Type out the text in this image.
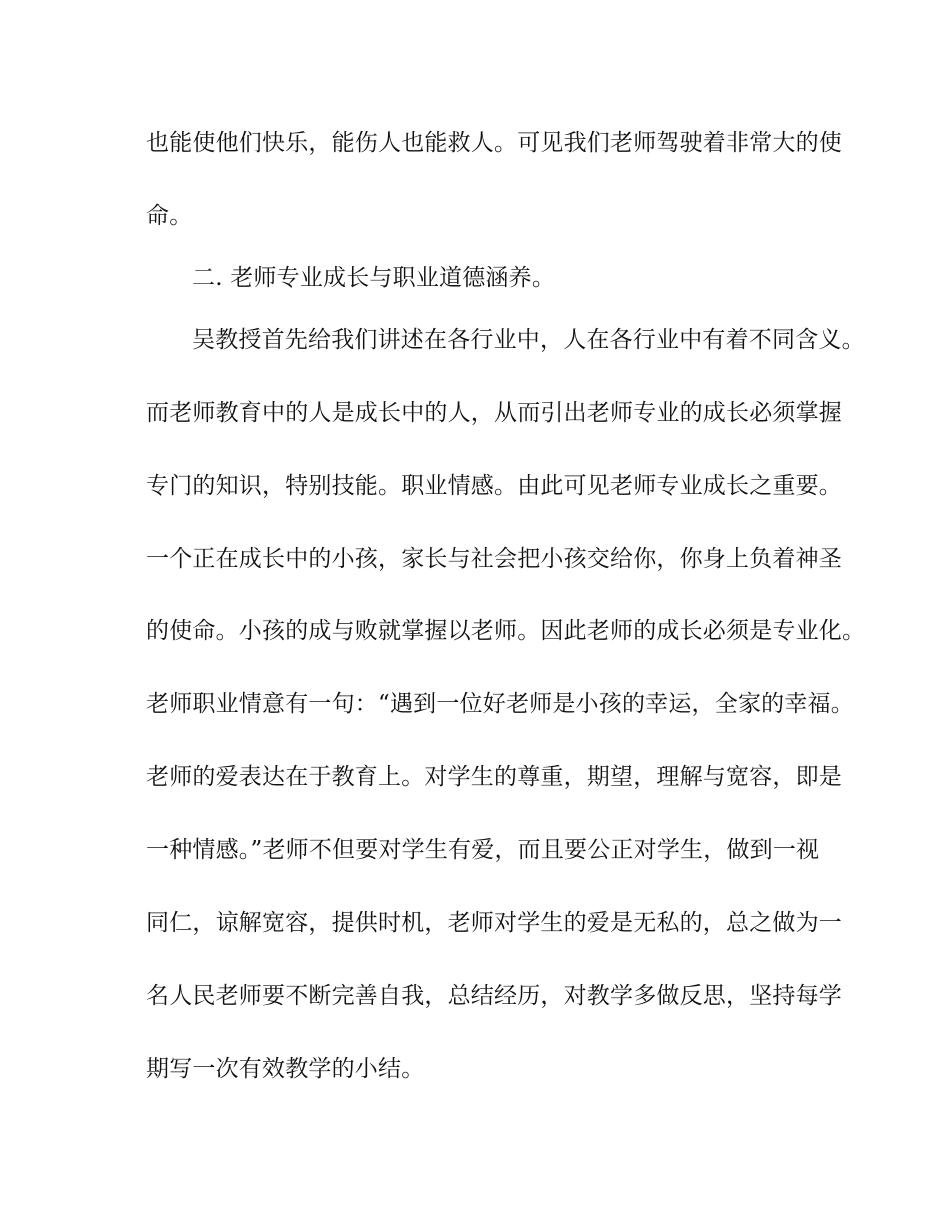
也能使他们快乐，能伤人也能救人。可见我们老师驾驶着非常大的使
命。
二. 老师专业成长与职业道德涵养。
吴教授首先给我们讲述在各行业中，人在各行业中有着不同含义。
而老师教育中的人是成长中的人，从而引出老师专业的成长必须掌握
专门的知识，特别技能。职业情感。由此可见老师专业成长之重要。
一个正在成长中的小孩，家长与社会把小孩交给你，你身上负着神圣
的使命。小孩的成与败就掌握以老师。因此老师的成长必须是专业化。
老师职业情意有一句：“遇到一位好老师是小孩的幸运，全家的幸福。
老师的爱表达在于教育上。对学生的尊重，期望，理解与宽容，即是
一种情感。”老师不但要对学生有爱，而且要公正对学生，做到一视
同仁，谅解宽容，提供时机，老师对学生的爱是无私的，总之做为一
名人民老师要不断完善自我，总结经历，对教学多做反思，坚持每学
期写一次有效教学的小结。
